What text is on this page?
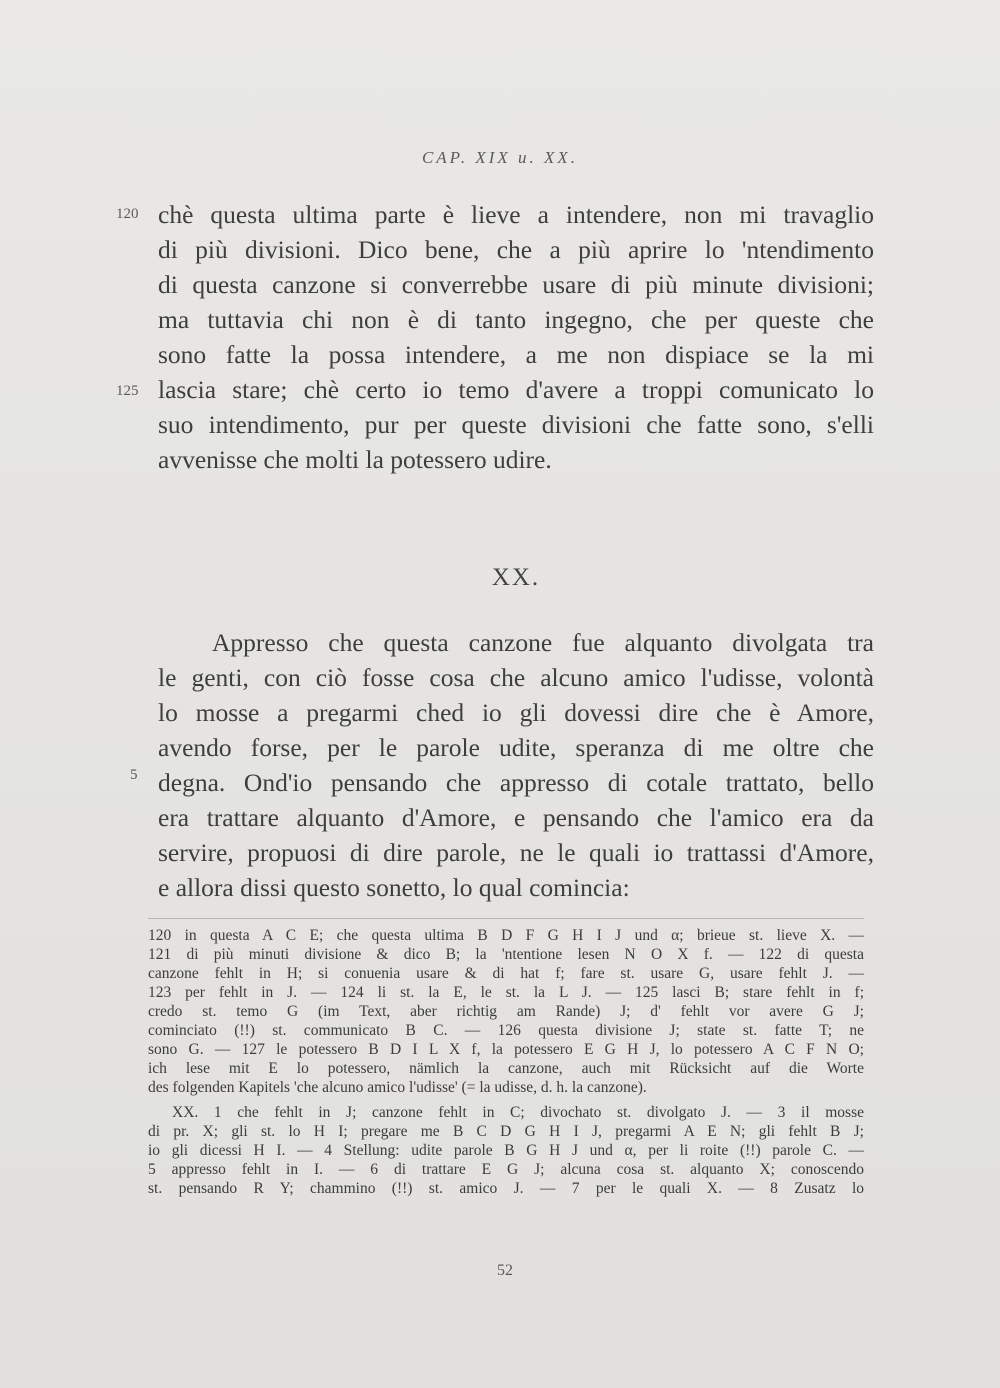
CAP. XIX u. XX.
120
125
chè questa ultima parte è lieve a intendere, non mi travaglio
di più divisioni. Dico bene, che a più aprire lo 'ntendimento
di questa canzone si converrebbe usare di più minute divisioni;
ma tuttavia chi non è di tanto ingegno, che per queste che
sono fatte la possa intendere, a me non dispiace se la mi
lascia stare; chè certo io temo d'avere a troppi comunicato lo
suo intendimento, pur per queste divisioni che fatte sono, s'elli
avvenisse che molti la potessero udire.
XX.
5
Appresso che questa canzone fue alquanto divolgata tra
le genti, con ciò fosse cosa che alcuno amico l'udisse, volontà
lo mosse a pregarmi ched io gli dovessi dire che è Amore,
avendo forse, per le parole udite, speranza di me oltre che
degna. Ond'io pensando che appresso di cotale trattato, bello
era trattare alquanto d'Amore, e pensando che l'amico era da
servire, propuosi di dire parole, ne le quali io trattassi d'Amore,
e allora dissi questo sonetto, lo qual comincia:
120 in questa A C E; che questa ultima B D F G H I J und α; brieue st. lieve X. —
121 di più minuti divisione & dico B; la 'ntentione lesen N O X f. — 122 di questa
canzone fehlt in H; si conuenia usare & di hat f; fare st. usare G, usare fehlt J. —
123 per fehlt in J. — 124 li st. la E, le st. la L J. — 125 lasci B; stare fehlt in f;
credo st. temo G (im Text, aber richtig am Rande) J; d' fehlt vor avere G J;
cominciato (!!) st. communicato B C. — 126 questa divisione J; state st. fatte T; ne
sono G. — 127 le potessero B D I L X f, la potessero E G H J, lo potessero A C F N O;
ich lese mit E lo potessero, nämlich la canzone, auch mit Rücksicht auf die Worte
des folgenden Kapitels 'che alcuno amico l'udisse' (= la udisse, d. h. la canzone).
XX. 1 che fehlt in J; canzone fehlt in C; divochato st. divolgato J. — 3 il mosse
di pr. X; gli st. lo H I; pregare me B C D G H I J, pregarmi A E N; gli fehlt B J;
io gli dicessi H I. — 4 Stellung: udite parole B G H J und α, per li roite (!!) parole C. —
5 appresso fehlt in I. — 6 di trattare E G J; alcuna cosa st. alquanto X; conoscendo
st. pensando R Y; chammino (!!) st. amico J. — 7 per le quali X. — 8 Zusatz lo
52
